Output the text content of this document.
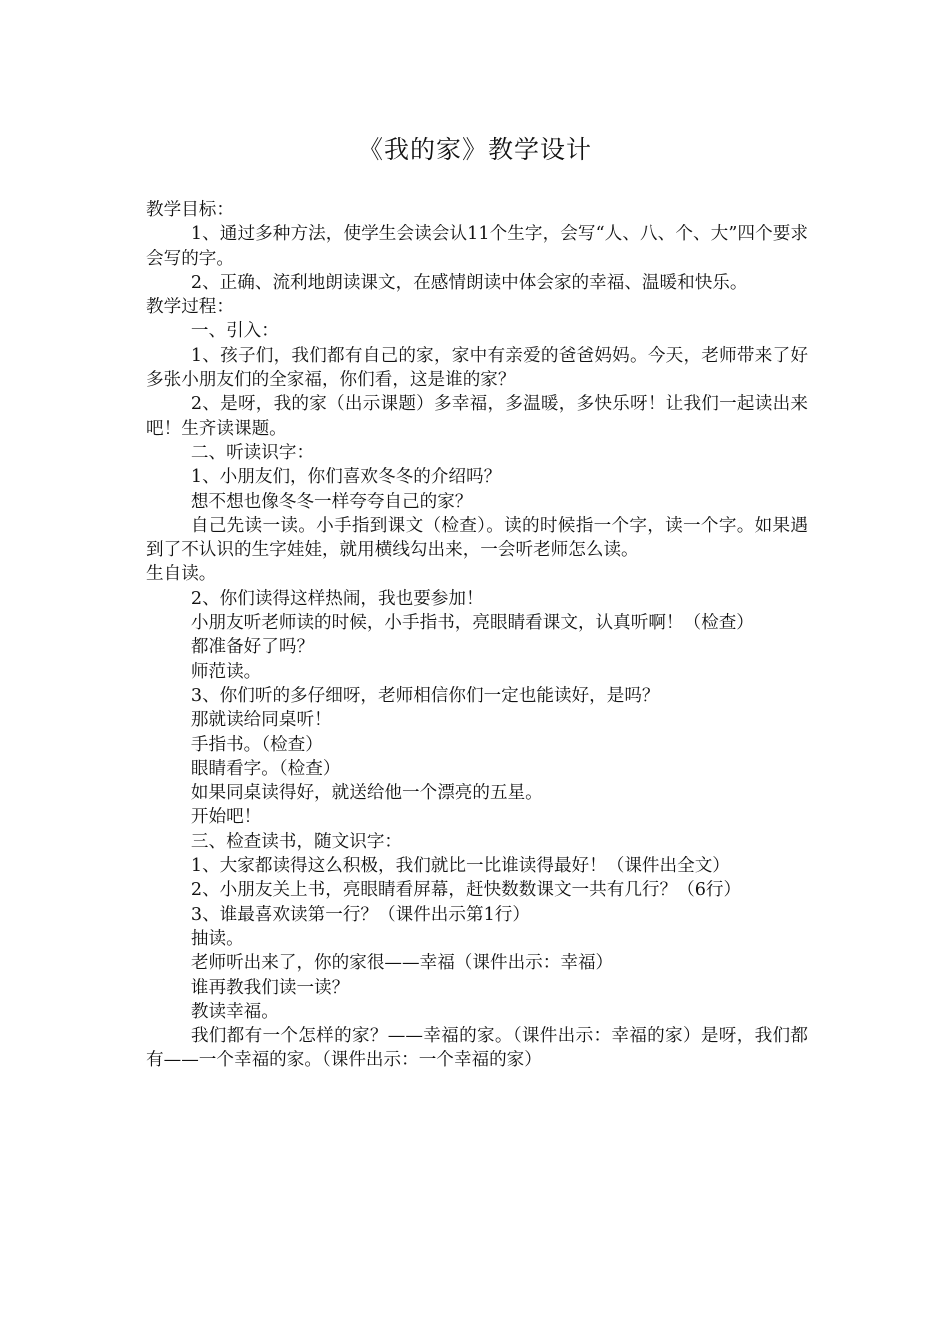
《我的家》教学设计

教学目标：

1、通过多种方法，使学生会读会认11个生字，会写“人、八、个、大”四个要求会写的字。

2、正确、流利地朗读课文，在感情朗读中体会家的幸福、温暖和快乐。

教学过程：

一、引入：

1、孩子们，我们都有自己的家，家中有亲爱的爸爸妈妈。今天，老师带来了好多张小朋友们的全家福，你们看，这是谁的家？

2、是呀，我的家（出示课题）多幸福，多温暖，多快乐呀！让我们一起读出来吧！生齐读课题。

二、听读识字：

1、小朋友们，你们喜欢冬冬的介绍吗？

想不想也像冬冬一样夸夸自己的家？

自己先读一读。小手指到课文（检查）。读的时候指一个字，读一个字。如果遇到了不认识的生字娃娃，就用横线勾出来，一会听老师怎么读。

生自读。

2、你们读得这样热闹，我也要参加！

小朋友听老师读的时候，小手指书，亮眼睛看课文，认真听啊！（检查）

都准备好了吗？

师范读。

3、你们听的多仔细呀，老师相信你们一定也能读好，是吗？

那就读给同桌听！

手指书。（检查）

眼睛看字。（检查）

如果同桌读得好，就送给他一个漂亮的五星。

开始吧！

三、检查读书，随文识字：

1、大家都读得这么积极，我们就比一比谁读得最好！（课件出全文）

2、小朋友关上书，亮眼睛看屏幕，赶快数数课文一共有几行？（6行）

3、谁最喜欢读第一行？（课件出示第1行）

抽读。

老师听出来了，你的家很——幸福（课件出示：幸福）

谁再教我们读一读？

教读幸福。

我们都有一个怎样的家？——幸福的家。（课件出示：幸福的家）是呀，我们都有——一个幸福的家。（课件出示：一个幸福的家）
